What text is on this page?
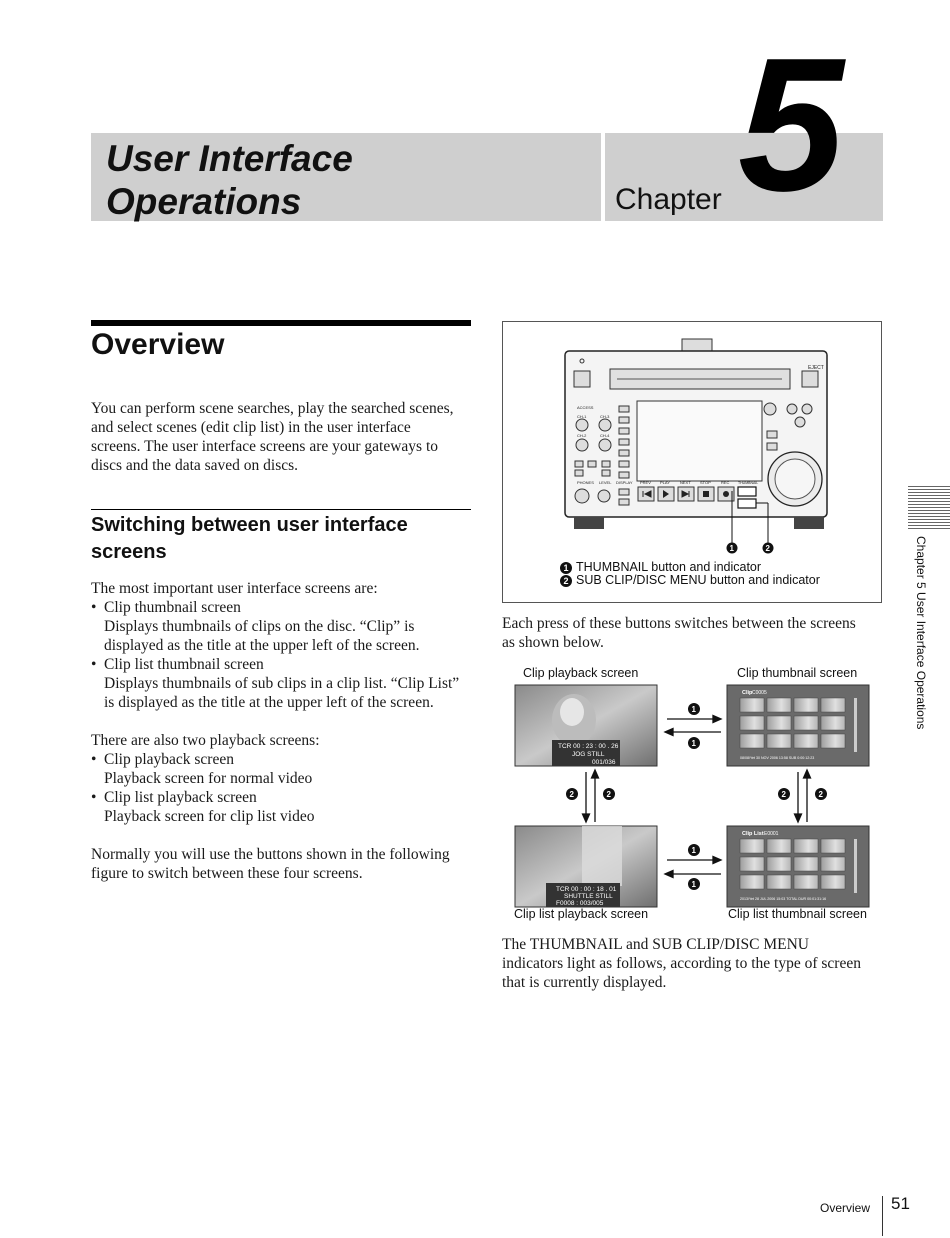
User Interface
Operations	Chapter 5
Overview
You can perform scene searches, play the searched scenes,
and select scenes (edit clip list) in the user interface
screens. The user interface screens are your gateways to
discs and the data saved on discs.
Switching between user interface
screens
The most important user interface screens are:
• Clip thumbnail screen
Displays thumbnails of clips on the disc. “Clip” is
displayed as the title at the upper left of the screen.
• Clip list thumbnail screen
Displays thumbnails of sub clips in a clip list. “Clip List”
is displayed as the title at the upper left of the screen.
There are also two playback screens:
• Clip playback screen
Playback screen for normal video
• Clip list playback screen
Playback screen for clip list video
Normally you will use the buttons shown in the following
figure to switch between these four screens.
EJECT
ACCESS
CH-1	CH-3
CH-2	CH-4
PHONES LEVEL DISPLAY PREV PLAY	NEXT STOP	REC THUMBNAIL
1	2
1 THUMBNAIL button and indicator
2 SUB CLIP/DISC MENU button and indicator
Each press of these buttons switches between the screens
as shown below.
Clip playback screen	Clip thumbnail screen
Clip list playback screen	Clip list thumbnail screen
TCR 00 : 23 : 00 . 26
JOG STILL
001/036
Clip C0005
08/08/Yet 30 NOV 2006 13:58 SUB 0:00:12:23
TCR 00 : 00 : 18 . 01
SHUTTLE STILL
F0008 : 003/005
Clip List E0001
2013/Yet 28 JUL 2006 15:03 TOTAL DUR 00:01:31:16
1
1
1
1
2	2	2	2
The THUMBNAIL and SUB CLIP/DISC MENU
indicators light as follows, according to the type of screen
that is currently displayed.
Chapter 5 User Interface Operations
Overview 51
